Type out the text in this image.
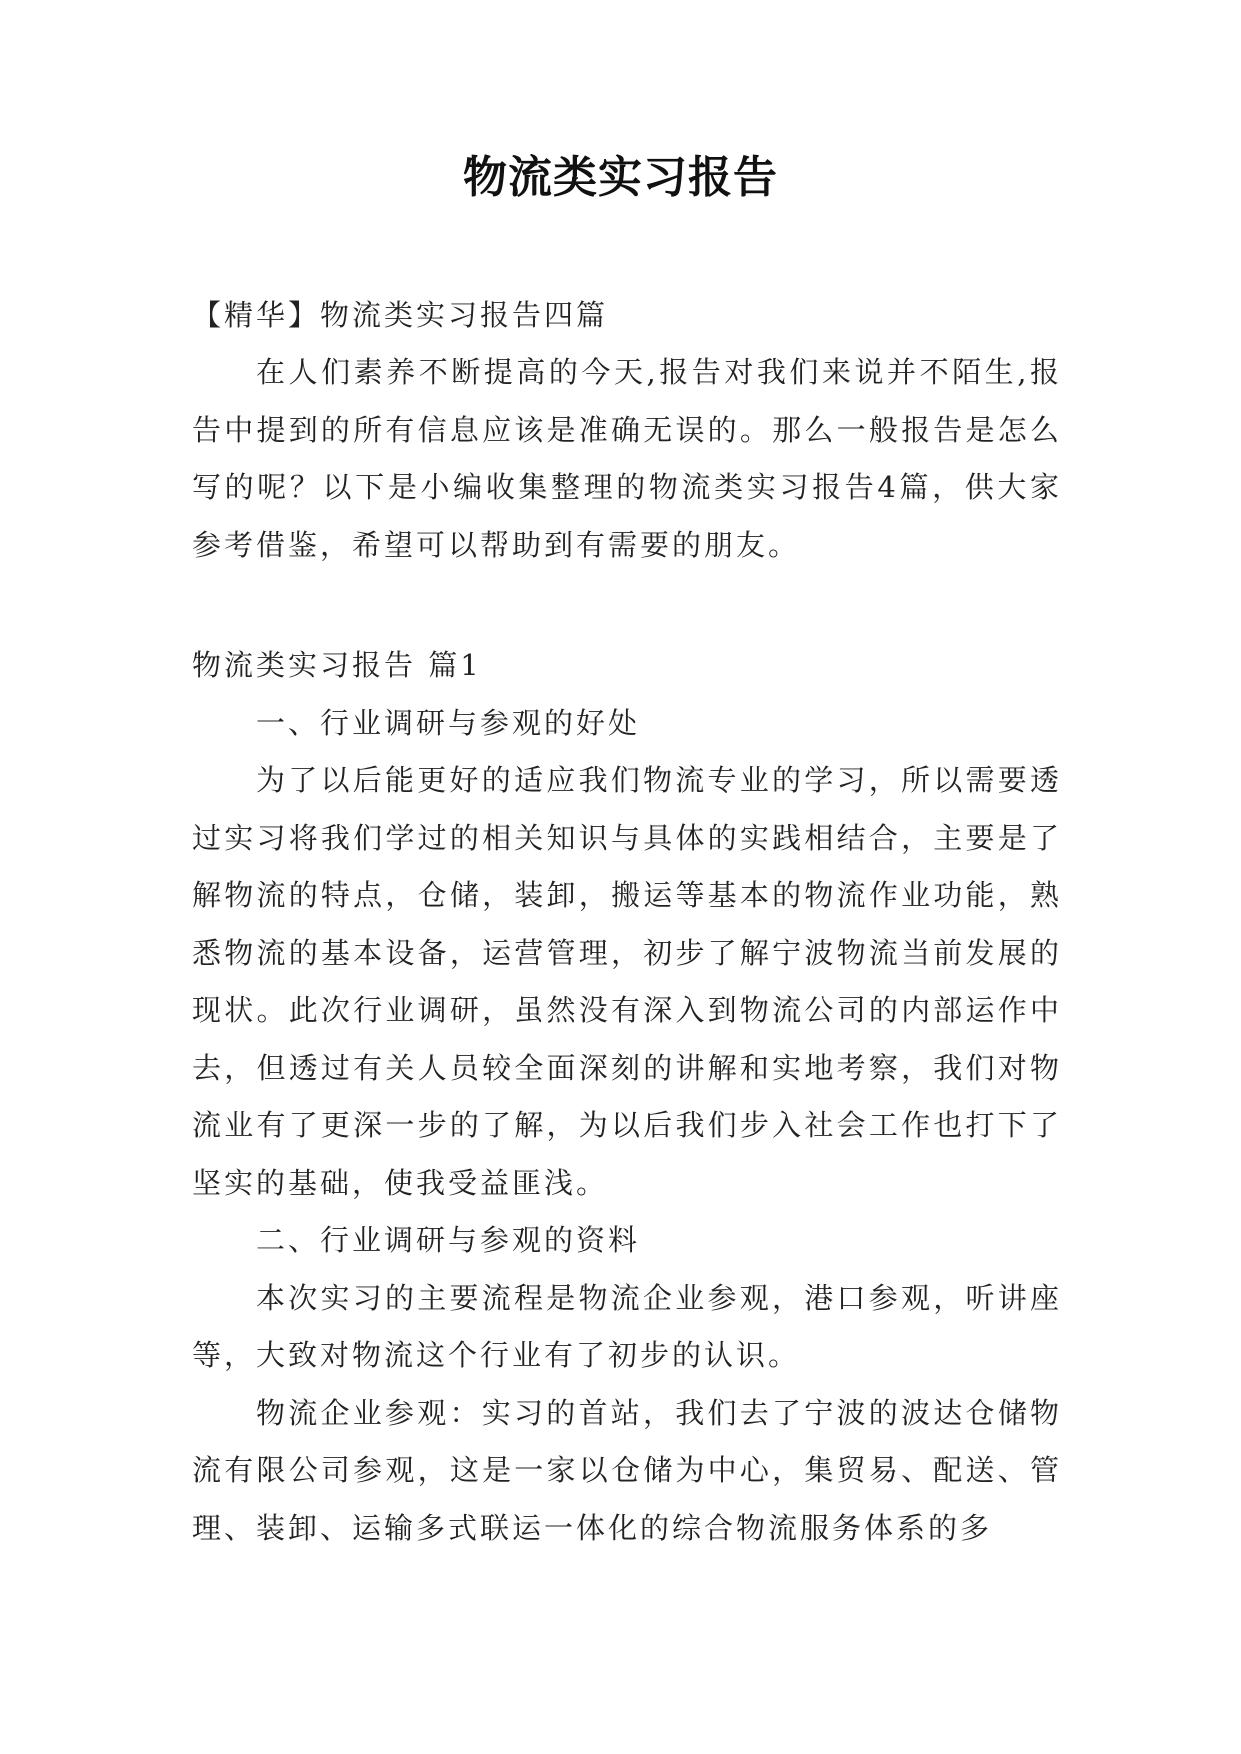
物流类实习报告

【精华】物流类实习报告四篇

在人们素养不断提高的今天,报告对我们来说并不陌生,报告中提到的所有信息应该是准确无误的。那么一般报告是怎么写的呢？以下是小编收集整理的物流类实习报告4篇，供大家参考借鉴，希望可以帮助到有需要的朋友。

物流类实习报告 篇1

一、行业调研与参观的好处

为了以后能更好的适应我们物流专业的学习，所以需要透过实习将我们学过的相关知识与具体的实践相结合，主要是了解物流的特点，仓储，装卸，搬运等基本的物流作业功能，熟悉物流的基本设备，运营管理，初步了解宁波物流当前发展的现状。此次行业调研，虽然没有深入到物流公司的内部运作中去，但透过有关人员较全面深刻的讲解和实地考察，我们对物流业有了更深一步的了解，为以后我们步入社会工作也打下了坚实的基础，使我受益匪浅。

二、行业调研与参观的资料

本次实习的主要流程是物流企业参观，港口参观，听讲座等，大致对物流这个行业有了初步的认识。

物流企业参观：实习的首站，我们去了宁波的波达仓储物流有限公司参观，这是一家以仓储为中心，集贸易、配送、管理、装卸、运输多式联运一体化的综合物流服务体系的多
